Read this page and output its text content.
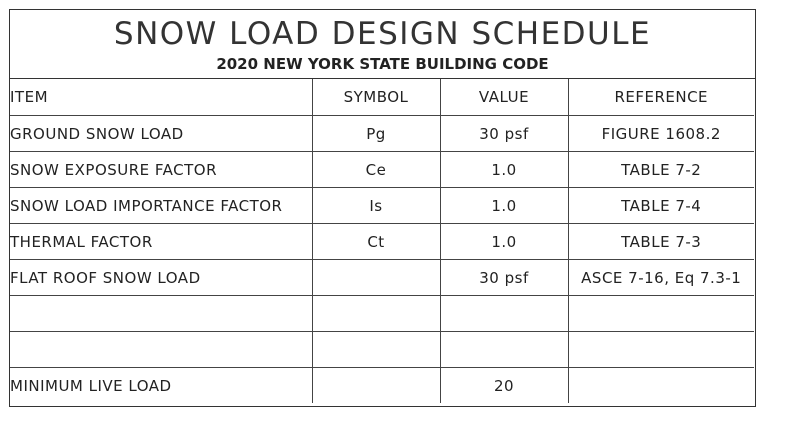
SNOW LOAD DESIGN SCHEDULE
2020 NEW YORK STATE BUILDING CODE
ITEM	SYMBOL	VALUE	REFERENCE
GROUND SNOW LOAD	Pg	30 psf	FIGURE 1608.2
SNOW EXPOSURE FACTOR	Ce	1.0	TABLE 7-2
SNOW LOAD IMPORTANCE FACTOR	Is	1.0	TABLE 7-4
THERMAL FACTOR	Ct	1.0	TABLE 7-3
FLAT ROOF SNOW LOAD		30 psf	ASCE 7-16, Eq 7.3-1

MINIMUM LIVE LOAD		20	
